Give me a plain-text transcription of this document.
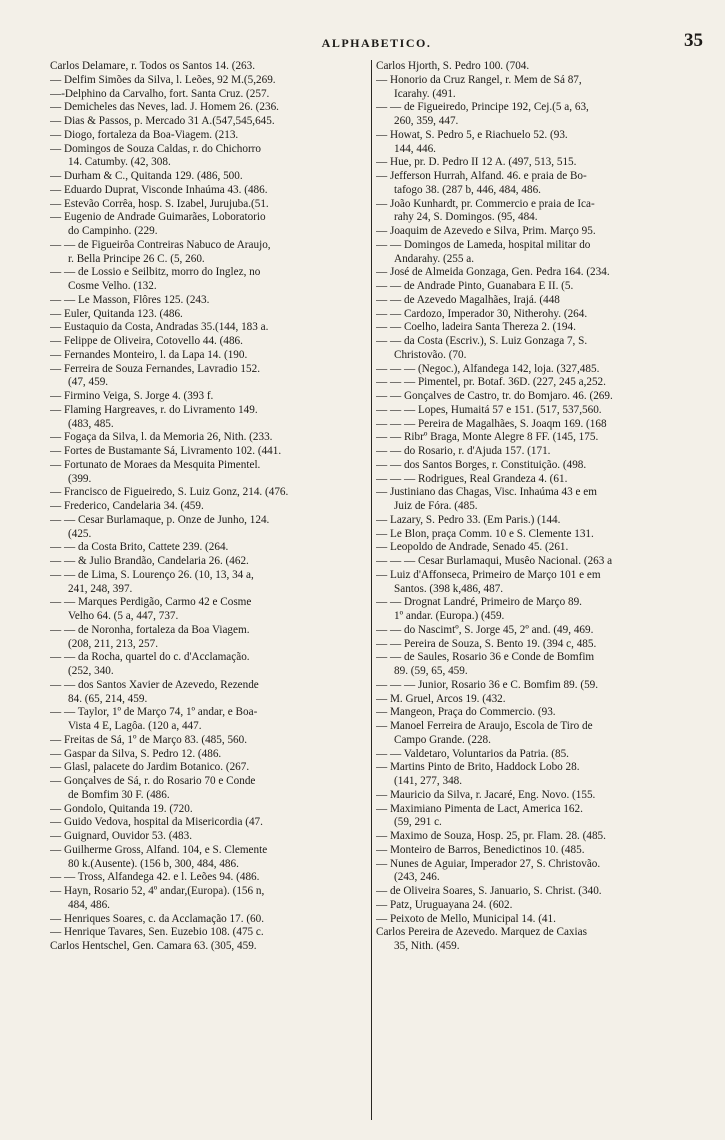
ALPHABETICO.	35
Carlos Delamare, r. Todos os Santos 14. (263.
— Delfim Simões da Silva, l. Leões, 92 M.(5,269.
—-Delphino da Carvalho, fort. Santa Cruz. (257.
— Demicheles das Neves, lad. J. Homem 26. (236.
— Dias & Passos, p. Mercado 31 A.(547,545,645.
— Diogo, fortaleza da Boa-Viagem. (213.
— Domingos de Souza Caldas, r. do Chichorro
14. Catumby. (42, 308.
— Durham & C., Quitanda 129. (486, 500.
— Eduardo Duprat, Visconde Inhaúma 43. (486.
— Estevão Corrêa, hosp. S. Izabel, Jurujuba.(51.
— Eugenio de Andrade Guimarães, Loboratorio
do Campinho. (229.
— — de Figueirôa Contreiras Nabuco de Araujo,
r. Bella Principe 26 C. (5, 260.
— — de Lossio e Seilbitz, morro do Inglez, no
Cosme Velho. (132.
— — Le Masson, Flôres 125. (243.
— Euler, Quitanda 123. (486.
— Eustaquio da Costa, Andradas 35.(144, 183 a.
— Felippe de Oliveira, Cotovello 44. (486.
— Fernandes Monteiro, l. da Lapa 14. (190.
— Ferreira de Souza Fernandes, Lavradio 152.
(47, 459.
— Firmino Veiga, S. Jorge 4. (393 f.
— Flaming Hargreaves, r. do Livramento 149.
(483, 485.
— Fogaça da Silva, l. da Memoria 26, Nith. (233.
— Fortes de Bustamante Sá, Livramento 102. (441.
— Fortunato de Moraes da Mesquita Pimentel.
(399.
— Francisco de Figueiredo, S. Luiz Gonz, 214. (476.
— Frederico, Candelaria 34. (459.
— — Cesar Burlamaque, p. Onze de Junho, 124.
(425.
— — da Costa Brito, Cattete 239. (264.
— — & Julio Brandão, Candelaria 26. (462.
— — de Lima, S. Lourenço 26. (10, 13, 34 a,
241, 248, 397.
— — Marques Perdigão, Carmo 42 e Cosme
Velho 64. (5 a, 447, 737.
— — de Noronha, fortaleza da Boa Viagem.
(208, 211, 213, 257.
— — da Rocha, quartel do c. d'Acclamação.
(252, 340.
— — dos Santos Xavier de Azevedo, Rezende
84. (65, 214, 459.
— — Taylor, 1º de Março 74, 1º andar, e Boa-
Vista 4 E, Lagôa. (120 a, 447.
— Freitas de Sá, 1º de Março 83. (485, 560.
— Gaspar da Silva, S. Pedro 12. (486.
— Glasl, palacete do Jardim Botanico. (267.
— Gonçalves de Sá, r. do Rosario 70 e Conde
de Bomfim 30 F. (486.
— Gondolo, Quitanda 19. (720.
— Guido Vedova, hospital da Misericordia (47.
— Guignard, Ouvidor 53. (483.
— Guilherme Gross, Alfand. 104, e S. Clemente
80 k.(Ausente). (156 b, 300, 484, 486.
— — Tross, Alfandega 42. e l. Leões 94. (486.
— Hayn, Rosario 52, 4º andar,(Europa). (156 n,
484, 486.
— Henriques Soares, c. da Acclamação 17. (60.
— Henrique Tavares, Sen. Euzebio 108. (475 c.
Carlos Hentschel, Gen. Camara 63. (305, 459.
Carlos Hjorth, S. Pedro 100. (704.
— Honorio da Cruz Rangel, r. Mem de Sá 87,
Icarahy. (491.
— — de Figueiredo, Principe 192, Cej.(5 a, 63,
260, 359, 447.
— Howat, S. Pedro 5, e Riachuelo 52. (93.
144, 446.
— Hue, pr. D. Pedro II 12 A. (497, 513, 515.
— Jefferson Hurrah, Alfand. 46. e praia de Bo-
tafogo 38. (287 b, 446, 484, 486.
— João Kunhardt, pr. Commercio e praia de Ica-
rahy 24, S. Domingos. (95, 484.
— Joaquim de Azevedo e Silva, Prim. Março 95.
— — Domingos de Lameda, hospital militar do
Andarahy. (255 a.
— José de Almeida Gonzaga, Gen. Pedra 164. (234.
— — de Andrade Pinto, Guanabara E II. (5.
— — de Azevedo Magalhães, Irajá. (448
— — Cardozo, Imperador 30, Nitherohy. (264.
— — Coelho, ladeira Santa Thereza 2. (194.
— — da Costa (Escriv.), S. Luiz Gonzaga 7, S.
Christovão. (70.
— — — (Negoc.), Alfandega 142, loja. (327,485.
— — — Pimentel, pr. Botaf. 36D. (227, 245 a,252.
— — Gonçalves de Castro, tr. do Bomjaro. 46. (269.
— — — Lopes, Humaitá 57 e 151. (517, 537,560.
— — — Pereira de Magalhães, S. Joaqm 169. (168
— — Ribrº Braga, Monte Alegre 8 FF. (145, 175.
— — do Rosario, r. d'Ajuda 157. (171.
— — dos Santos Borges, r. Constituição. (498.
— — — Rodrigues, Real Grandeza 4. (61.
— Justiniano das Chagas, Visc. Inhaúma 43 e em
Juiz de Fóra. (485.
— Lazary, S. Pedro 33. (Em Paris.) (144.
— Le Blon, praça Comm. 10 e S. Clemente 131.
— Leopoldo de Andrade, Senado 45. (261.
— — — Cesar Burlamaqui, Musêo Nacional. (263 a
— Luiz d'Affonseca, Primeiro de Março 101 e em
Santos. (398 k,486, 487.
— — Drognat Landré, Primeiro de Março 89.
1º andar. (Europa.) (459.
— — do Nascimtº, S. Jorge 45, 2º and. (49, 469.
— — Pereira de Souza, S. Bento 19. (394 c, 485.
— — de Saules, Rosario 36 e Conde de Bomfim
89. (59, 65, 459.
— — — Junior, Rosario 36 e C. Bomfim 89. (59.
— M. Gruel, Arcos 19. (432.
— Mangeon, Praça do Commercio. (93.
— Manoel Ferreira de Araujo, Escola de Tiro de
Campo Grande. (228.
— — Valdetaro, Voluntarios da Patria. (85.
— Martins Pinto de Brito, Haddock Lobo 28.
(141, 277, 348.
— Mauricio da Silva, r. Jacaré, Eng. Novo. (155.
— Maximiano Pimenta de Lact, America 162.
(59, 291 c.
— Maximo de Souza, Hosp. 25, pr. Flam. 28. (485.
— Monteiro de Barros, Benedictinos 10. (485.
— Nunes de Aguiar, Imperador 27, S. Christovão.
(243, 246.
— de Oliveira Soares, S. Januario, S. Christ. (340.
— Patz, Uruguayana 24. (602.
— Peixoto de Mello, Municipal 14. (41.
Carlos Pereira de Azevedo. Marquez de Caxias
35, Nith. (459.
